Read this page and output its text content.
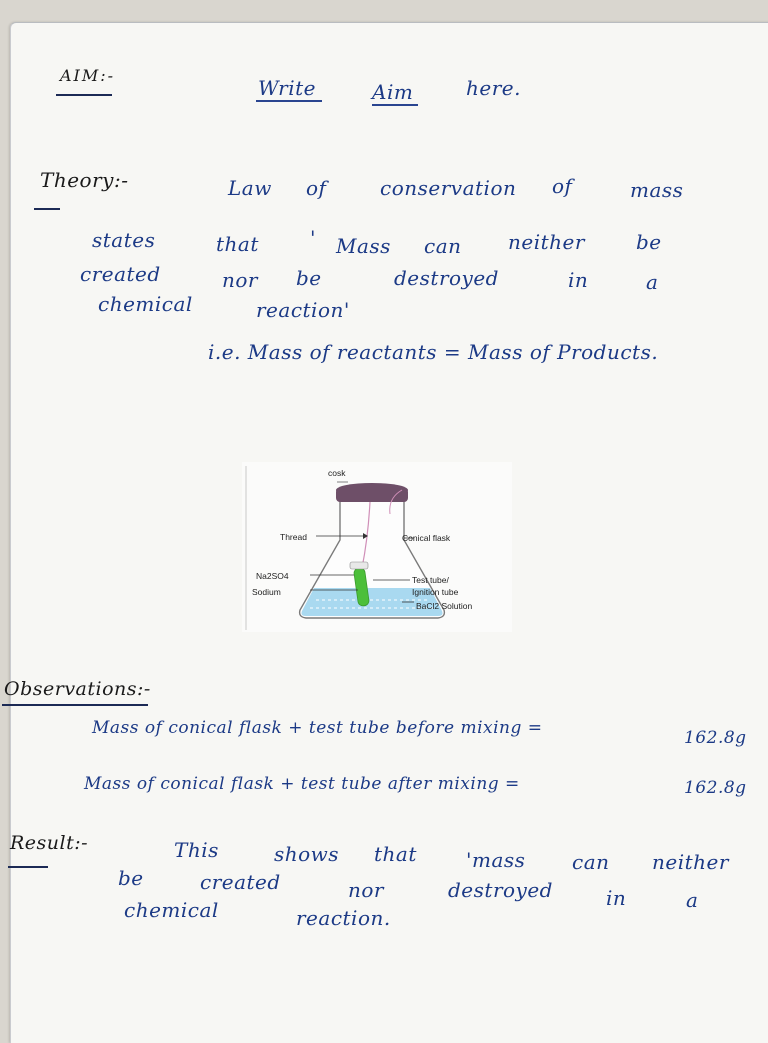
AIM:-
Write	Aim	here.
Theory:-	Law of	conservation of	mass
states	that	' Mass can neither	be
created	nor be	destroyed	in	a
chemical	reaction'
i.e. Mass of reactants = Mass of Products.
cosk
Thread	Conical flask
Na2SO4
Sodium
Test tube/
Ignition tube
BaCl2 Solution
Observations:-
Mass of conical flask + test tube before mixing =	162.8g
Mass of conical flask + test tube after mixing =	162.8g
Result:-	This	shows that 'mass can neither
be	created	nor	destroyed	in	a
chemical	reaction.
